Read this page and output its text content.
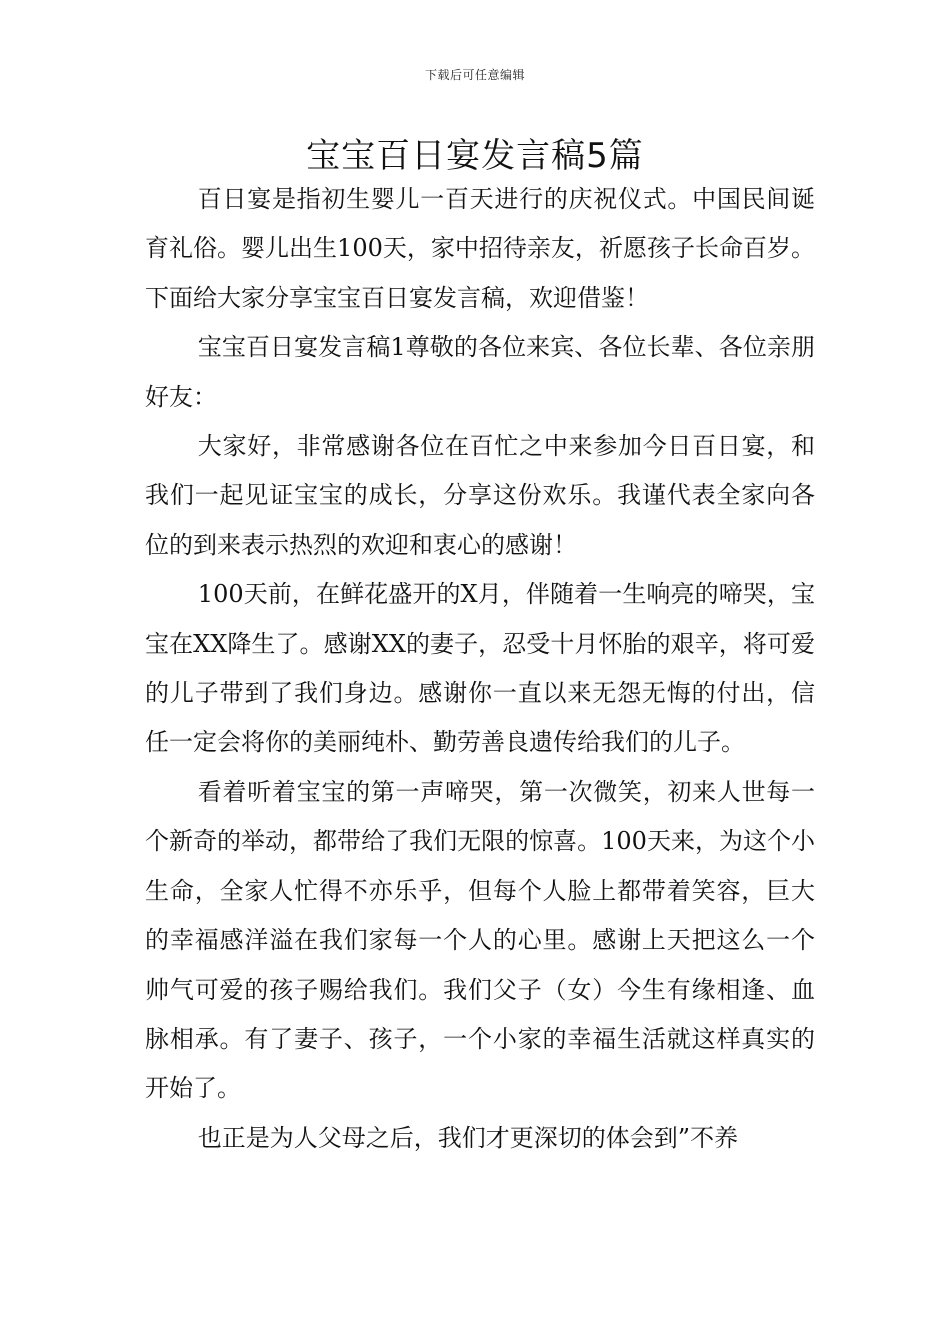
下载后可任意编辑
宝宝百日宴发言稿5篇

百日宴是指初生婴儿一百天进行的庆祝仪式。中国民间诞育礼俗。婴儿出生100天，家中招待亲友，祈愿孩子长命百岁。下面给大家分享宝宝百日宴发言稿，欢迎借鉴！

宝宝百日宴发言稿1尊敬的各位来宾、各位长辈、各位亲朋好友：

大家好，非常感谢各位在百忙之中来参加今日百日宴，和我们一起见证宝宝的成长，分享这份欢乐。我谨代表全家向各位的到来表示热烈的欢迎和衷心的感谢！

100天前，在鲜花盛开的X月，伴随着一生响亮的啼哭，宝宝在XX降生了。感谢XX的妻子，忍受十月怀胎的艰辛，将可爱的儿子带到了我们身边。感谢你一直以来无怨无悔的付出，信任一定会将你的美丽纯朴、勤劳善良遗传给我们的儿子。

看着听着宝宝的第一声啼哭，第一次微笑，初来人世每一个新奇的举动，都带给了我们无限的惊喜。100天来，为这个小生命，全家人忙得不亦乐乎，但每个人脸上都带着笑容，巨大的幸福感洋溢在我们家每一个人的心里。感谢上天把这么一个帅气可爱的孩子赐给我们。我们父子（女）今生有缘相逢、血脉相承。有了妻子、孩子，一个小家的幸福生活就这样真实的开始了。

也正是为人父母之后，我们才更深切的体会到”不养
